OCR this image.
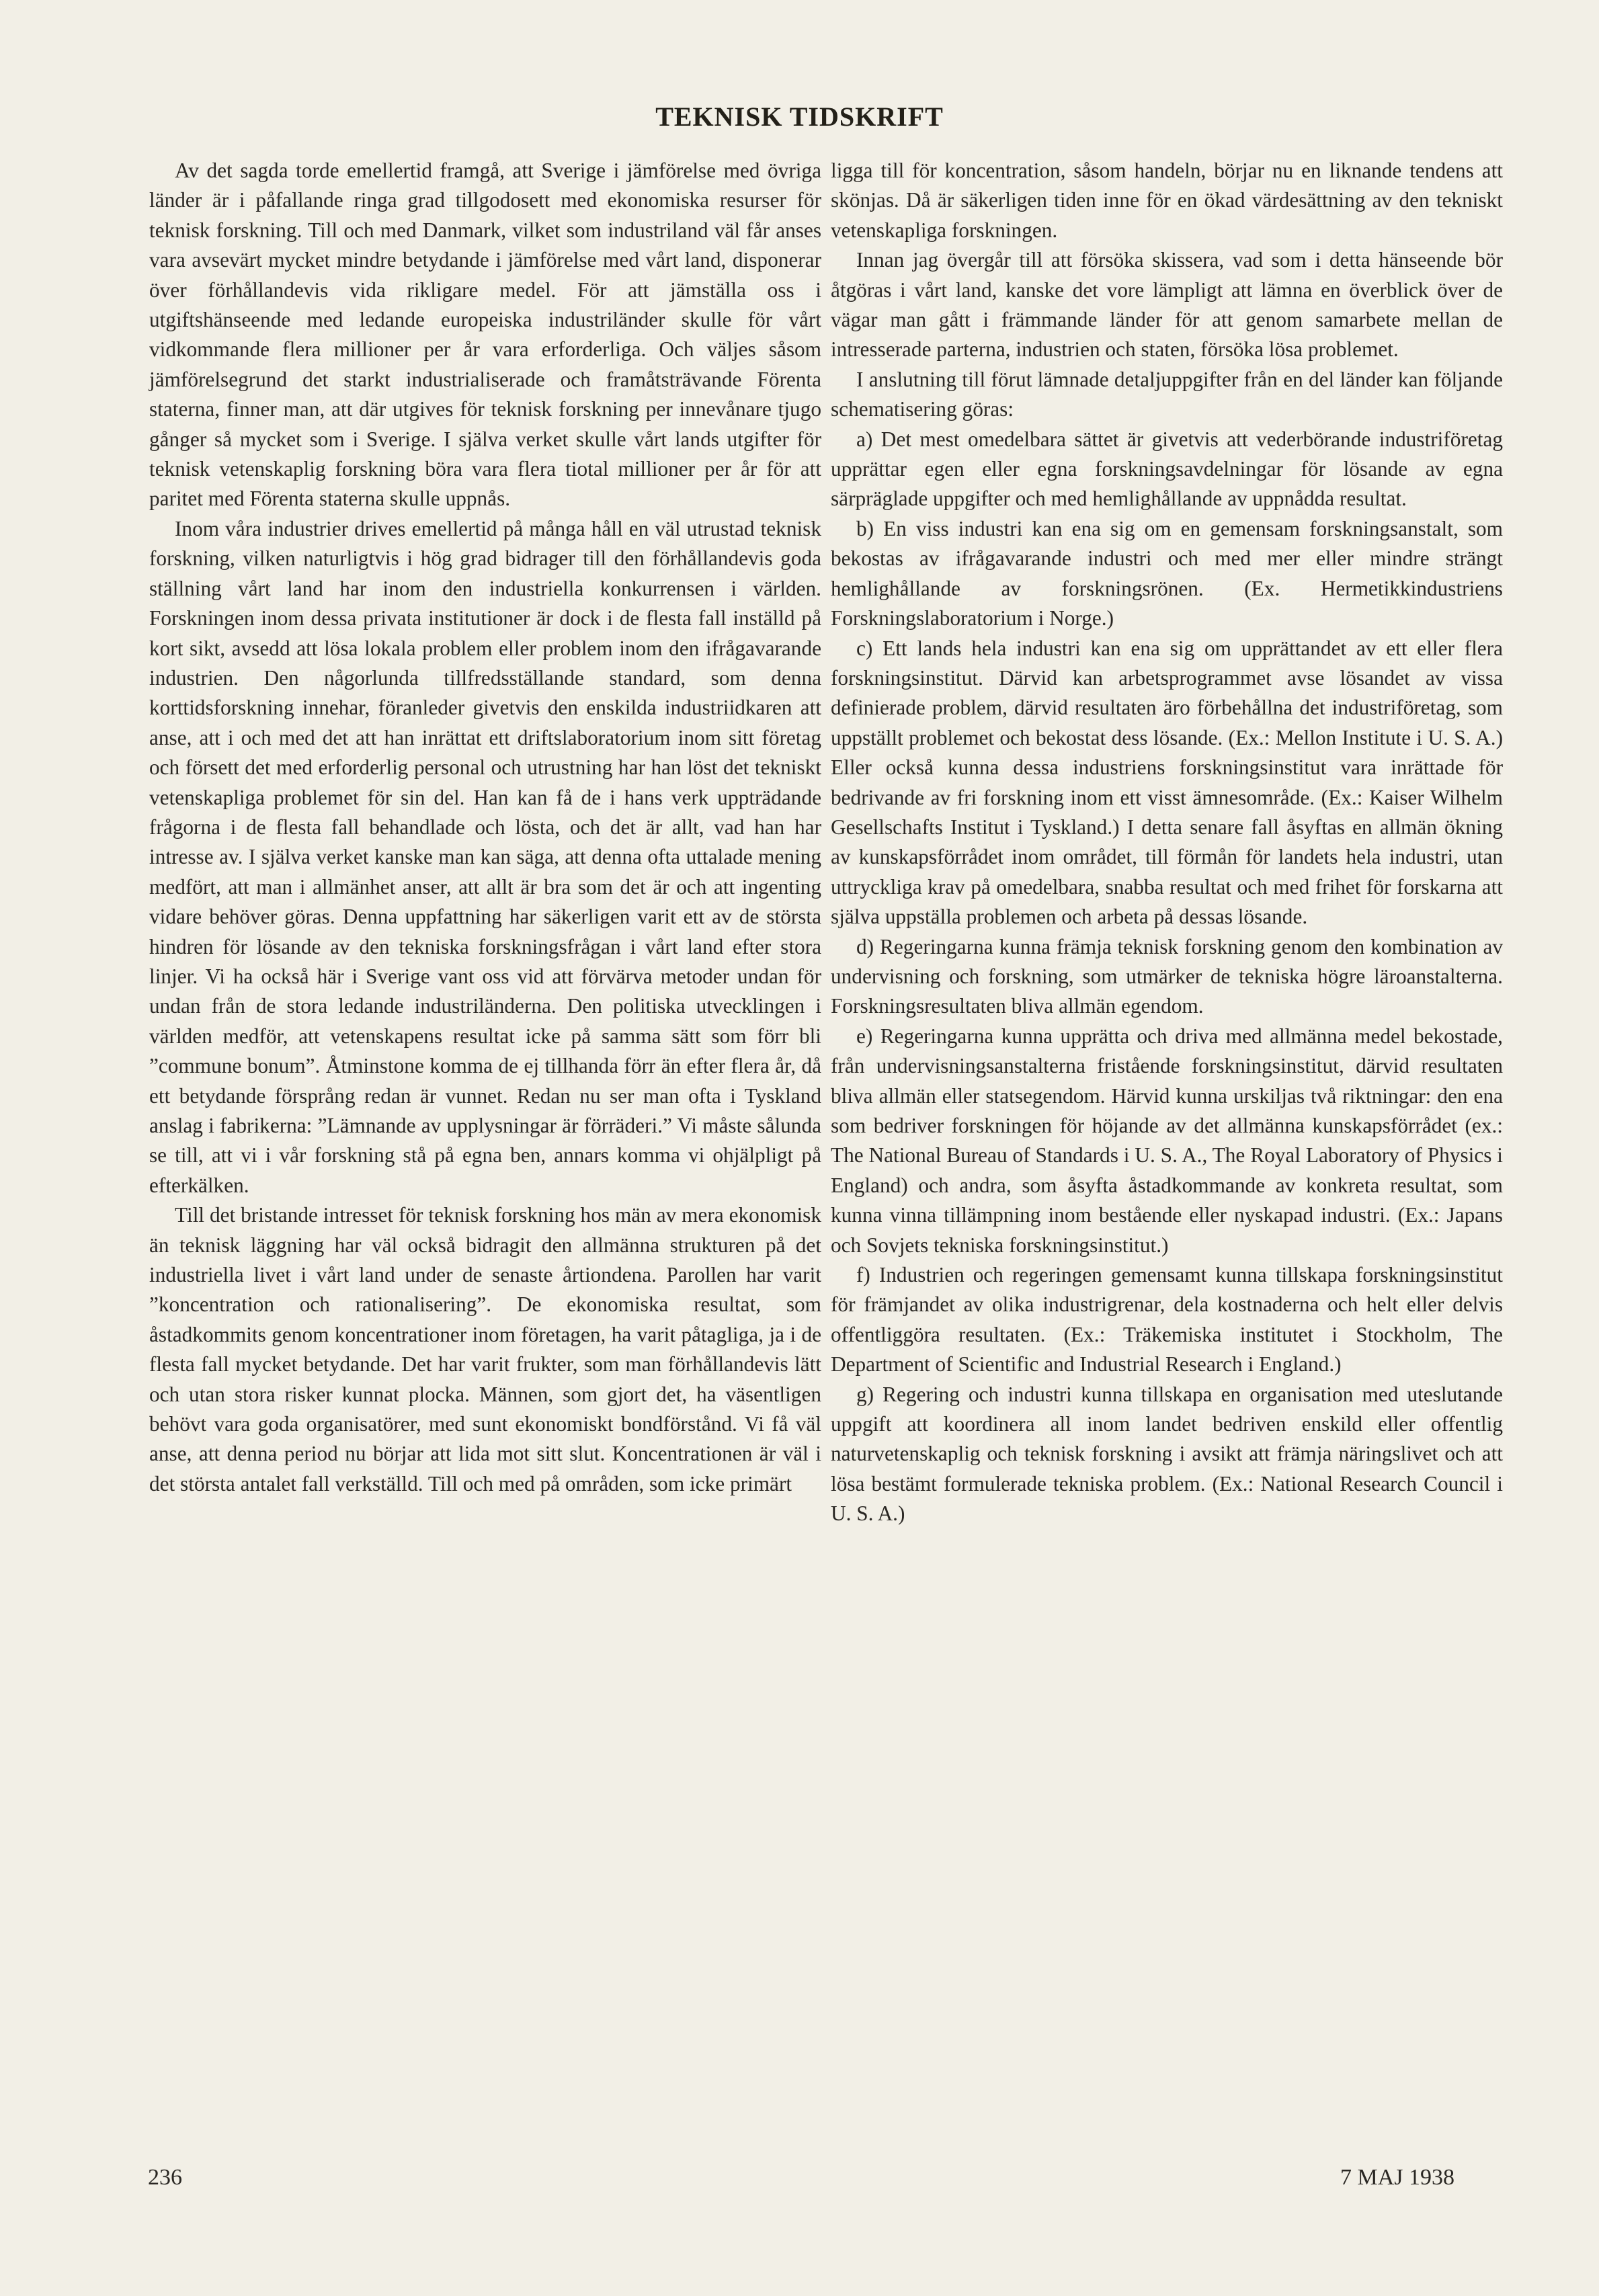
TEKNISK TIDSKRIFT

Av det sagda torde emellertid framgå, att Sverige i jämförelse med övriga länder är i påfallande ringa grad tillgodosett med ekonomiska resurser för teknisk forskning. Till och med Danmark, vilket som industriland väl får anses vara avsevärt mycket mindre betydande i jämförelse med vårt land, disponerar över förhållandevis vida rikligare medel. För att jämställa oss i utgiftshänseende med ledande europeiska industriländer skulle för vårt vidkommande flera millioner per år vara erforderliga. Och väljes såsom jämförelsegrund det starkt industrialiserade och framåtsträvande Förenta staterna, finner man, att där utgives för teknisk forskning per innevånare tjugo gånger så mycket som i Sverige. I själva verket skulle vårt lands utgifter för teknisk vetenskaplig forskning böra vara flera tiotal millioner per år för att paritet med Förenta staterna skulle uppnås.

Inom våra industrier drives emellertid på många håll en väl utrustad teknisk forskning, vilken naturligtvis i hög grad bidrager till den förhållandevis goda ställning vårt land har inom den industriella konkurrensen i världen. Forskningen inom dessa privata institutioner är dock i de flesta fall inställd på kort sikt, avsedd att lösa lokala problem eller problem inom den ifrågavarande industrien. Den någorlunda tillfredsställande standard, som denna korttidsforskning innehar, föranleder givetvis den enskilda industriidkaren att anse, att i och med det att han inrättat ett driftslaboratorium inom sitt företag och försett det med erforderlig personal och utrustning har han löst det tekniskt vetenskapliga problemet för sin del. Han kan få de i hans verk uppträdande frågorna i de flesta fall behandlade och lösta, och det är allt, vad han har intresse av. I själva verket kanske man kan säga, att denna ofta uttalade mening medfört, att man i allmänhet anser, att allt är bra som det är och att ingenting vidare behöver göras. Denna uppfattning har säkerligen varit ett av de största hindren för lösande av den tekniska forskningsfrågan i vårt land efter stora linjer. Vi ha också här i Sverige vant oss vid att förvärva metoder undan för undan från de stora ledande industriländerna. Den politiska utvecklingen i världen medför, att vetenskapens resultat icke på samma sätt som förr bli ”commune bonum”. Åtminstone komma de ej tillhanda förr än efter flera år, då ett betydande försprång redan är vunnet. Redan nu ser man ofta i Tyskland anslag i fabrikerna: ”Lämnande av upplysningar är förräderi.” Vi måste sålunda se till, att vi i vår forskning stå på egna ben, annars komma vi ohjälpligt på efterkälken.

Till det bristande intresset för teknisk forskning hos män av mera ekonomisk än teknisk läggning har väl också bidragit den allmänna strukturen på det industriella livet i vårt land under de senaste årtiondena. Parollen har varit ”koncentration och rationalisering”. De ekonomiska resultat, som åstadkommits genom koncentrationer inom företagen, ha varit påtagliga, ja i de flesta fall mycket betydande. Det har varit frukter, som man förhållandevis lätt och utan stora risker kunnat plocka. Männen, som gjort det, ha väsentligen behövt vara goda organisatörer, med sunt ekonomiskt bondförstånd. Vi få väl anse, att denna period nu börjar att lida mot sitt slut. Koncentrationen är väl i det största antalet fall verkställd. Till och med på områden, som icke primärt

ligga till för koncentration, såsom handeln, börjar nu en liknande tendens att skönjas. Då är säkerligen tiden inne för en ökad värdesättning av den tekniskt vetenskapliga forskningen.

Innan jag övergår till att försöka skissera, vad som i detta hänseende bör åtgöras i vårt land, kanske det vore lämpligt att lämna en överblick över de vägar man gått i främmande länder för att genom samarbete mellan de intresserade parterna, industrien och staten, försöka lösa problemet.

I anslutning till förut lämnade detaljuppgifter från en del länder kan följande schematisering göras:

a) Det mest omedelbara sättet är givetvis att vederbörande industriföretag upprättar egen eller egna forskningsavdelningar för lösande av egna särpräglade uppgifter och med hemlighållande av uppnådda resultat.

b) En viss industri kan ena sig om en gemensam forskningsanstalt, som bekostas av ifrågavarande industri och med mer eller mindre strängt hemlighållande av forskningsrönen. (Ex. Hermetikkindustriens Forskningslaboratorium i Norge.)

c) Ett lands hela industri kan ena sig om upprättandet av ett eller flera forskningsinstitut. Därvid kan arbetsprogrammet avse lösandet av vissa definierade problem, därvid resultaten äro förbehållna det industriföretag, som uppställt problemet och bekostat dess lösande. (Ex.: Mellon Institute i U. S. A.) Eller också kunna dessa industriens forskningsinstitut vara inrättade för bedrivande av fri forskning inom ett visst ämnesområde. (Ex.: Kaiser Wilhelm Gesellschafts Institut i Tyskland.) I detta senare fall åsyftas en allmän ökning av kunskapsförrådet inom området, till förmån för landets hela industri, utan uttryckliga krav på omedelbara, snabba resultat och med frihet för forskarna att själva uppställa problemen och arbeta på dessas lösande.

d) Regeringarna kunna främja teknisk forskning genom den kombination av undervisning och forskning, som utmärker de tekniska högre läroanstalterna. Forskningsresultaten bliva allmän egendom.

e) Regeringarna kunna upprätta och driva med allmänna medel bekostade, från undervisningsanstalterna fristående forskningsinstitut, därvid resultaten bliva allmän eller statsegendom. Härvid kunna urskiljas två riktningar: den ena som bedriver forskningen för höjande av det allmänna kunskapsförrådet (ex.: The National Bureau of Standards i U. S. A., The Royal Laboratory of Physics i England) och andra, som åsyfta åstadkommande av konkreta resultat, som kunna vinna tillämpning inom bestående eller nyskapad industri. (Ex.: Japans och Sovjets tekniska forskningsinstitut.)

f) Industrien och regeringen gemensamt kunna tillskapa forskningsinstitut för främjandet av olika industrigrenar, dela kostnaderna och helt eller delvis offentliggöra resultaten. (Ex.: Träkemiska institutet i Stockholm, The Department of Scientific and Industrial Research i England.)

g) Regering och industri kunna tillskapa en organisation med uteslutande uppgift att koordinera all inom landet bedriven enskild eller offentlig naturvetenskaplig och teknisk forskning i avsikt att främja näringslivet och att lösa bestämt formulerade tekniska problem. (Ex.: National Research Council i U. S. A.)

236	7 MAJ 1938
